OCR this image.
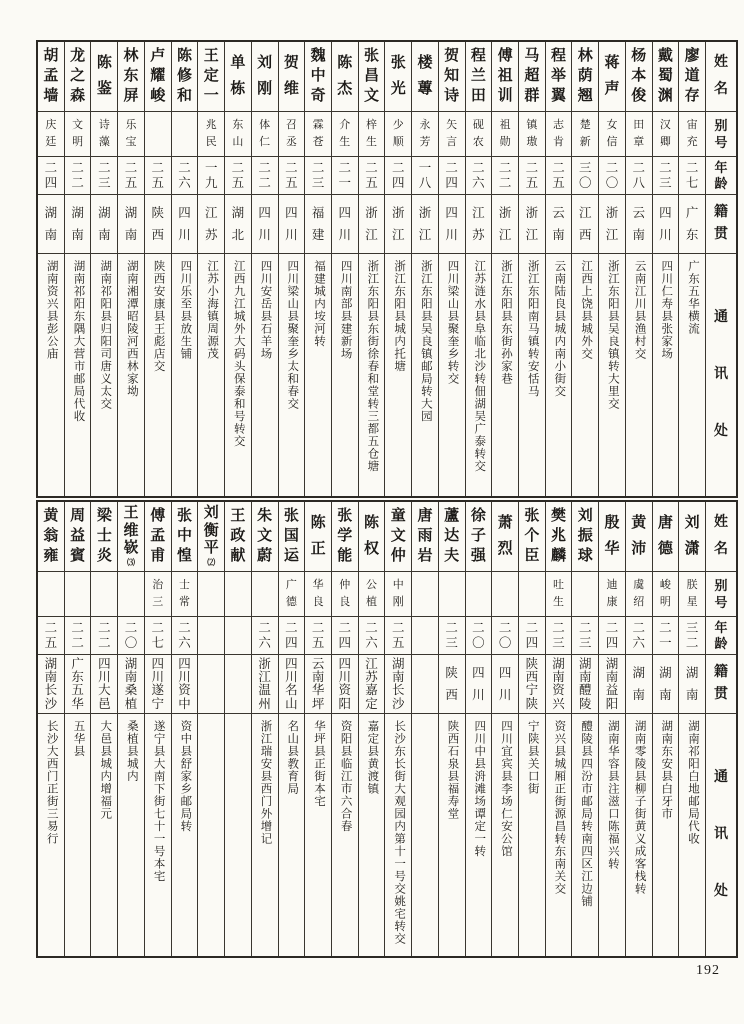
姓
名
别
号
年
龄
籍
贯
通
讯
处
廖
道
存
宙
充
二
七
广
东
广东五华横流
戴
蜀
渊
汉
卿
二
三
四
川
四川仁寿县张家场
杨
本
俊
田
章
二
八
云
南
云南江川县渔村交
蒋
声
女
信
二
〇
浙
江
浙江东阳县吴良镇转大里交
林
荫
翘
楚
新
三
〇
江
西
江西上饶县城外交
程
举
翼
志
肯
二
五
云
南
云南陆良县城内南小街交
马
超
群
镇
璈
二
五
浙
江
浙江东阳南马镇转安恬马
傅
祖
训
祖
勋
二
二
浙
江
浙江东阳县东街孙家巷
程
兰
田
砚
农
二
六
江
苏
江苏涟水县阜临北沙转佃湖吴广泰转交
贺
知
诗
矢
言
二
四
四
川
四川梁山县聚奎乡转交
楼
蓴
永
芳
一
八
浙
江
浙江东阳县吴良镇邮局转大园
张
光
少
顺
二
四
浙
江
浙江东阳县城内托塘
张
昌
文
梓
生
二
五
浙
江
浙江东阳县东街徐春和堂转三都五仓塘
陈
杰
介
生
二
一
四
川
四川南部县建新场
魏
中
奇
霖
苍
二
三
福
建
福建城内垵河转
贺
维
召
丞
二
五
四
川
四川梁山县聚奎乡太和春交
刘
刚
体
仁
二
二
四
川
四川安岳县石羊场
单
栋
东
山
二
五
湖
北
江西九江城外大码头保泰和号转交
王
定
一
兆
民
一
九
江
苏
江苏小海镇周源茂
陈
修
和
二
六
四
川
四川乐至县放生铺
卢
耀
峻
二
五
陕
西
陕西安康县王彪店交
林
东
屏
乐
宝
二
五
湖
南
湖南湘潭昭陵河西林家坳
陈
鉴
诗
藻
二
三
湖
南
湖南祁阳县归阳司唐义太交
龙
之
森
文
明
二
二
湖
南
湖南祁阳东隅大营市邮局代收
胡
孟
墙
庆
廷
二
四
湖
南
湖南资兴县彭公庙
姓
名
别
号
年
龄
籍
贯
通
讯
处
刘
潇
朕
星
三
二
湖
南
湖南祁阳白地邮局代收
唐
德
峻
明
二
一
湖
南
湖南东安县白牙市
黄
沛
虞
绍
二
六
湖
南
湖南零陵县柳子街黄义成客栈转
殷
华
迪
康
二
四
湖
南
益
阳
湖南华容县注滋口陈福兴转
刘
振
球
二
三
湖
南
醴
陵
醴陵县四汾市邮局转南四区江边铺
樊
兆
麟
吐
生
二
三
湖
南
资
兴
资兴县城厢正街源昌转东南关交
张
个
臣
二
四
陕
西
宁
陕
宁陕县关口街
萧
烈
二
〇
四
川
四川宜宾县李场仁安公馆
徐
子
强
二
〇
四
川
四川中县洀滩场谭定一转
蘆
达
夫
二
三
陕
西
陕西石泉县福寿堂
唐
雨
岩
童
文
仲
中
刚
二
五
湖
南
长
沙
长沙东长街大观园内第十一号交姚宅转交
陈
权
公
植
二
六
江
苏
嘉
定
嘉定县黄渡镇
张
学
能
仲
良
二
四
四
川
资
阳
资阳县临江市六合春
陈
正
华
良
二
五
云
南
华
坪
华坪县正街本宅
张
国
运
广
德
二
四
四
川
名
山
名山县教育局
朱
文
蔚
二
六
浙
江
温
州
浙江瑞安县西门外增记
王
政
献
刘
衡
平
⑵
张
中
惶
士
常
二
六
四
川
资
中
资中县舒家乡邮局转
傅
孟
甫
治
三
二
七
四
川
遂
宁
遂宁县大南下街七十一号本宅
王
维
嵚
⑶
二
〇
湖
南
桑
植
桑植县城内
梁
士
炎
二
二
四
川
大
邑
大邑县城内增福元
周
益
賓
二
二
广
东
五
华
五华县
黄
翁
雍
二
五
湖
南
长
沙
长沙大西门正街三易行
192
